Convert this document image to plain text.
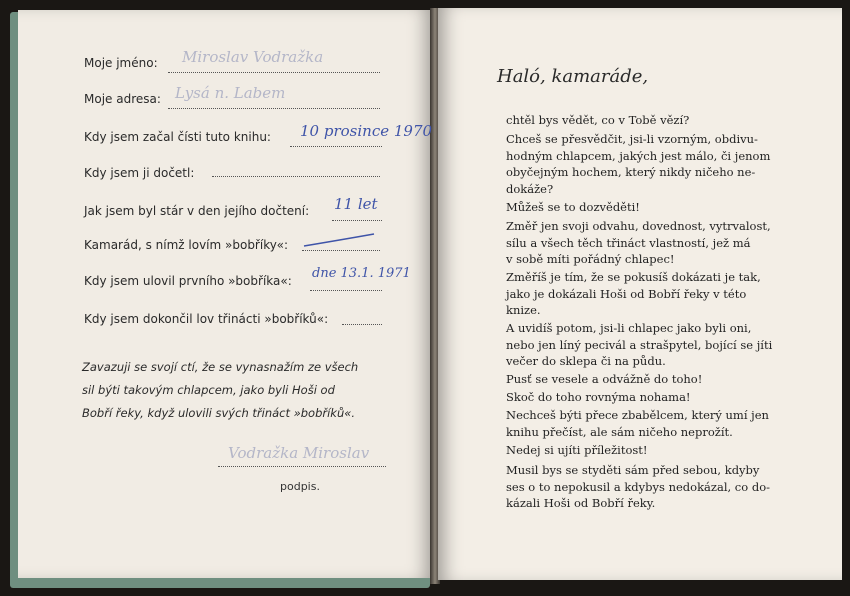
Moje jméno: Miroslav Vodražka
Moje adresa: Lysá n. Labem
Kdy jsem začal čísti tuto knihu: 10 prosince 1970
Kdy jsem ji dočetl:
Jak jsem byl stár v den jejího dočtení: 11 let
Kamarád, s nímž lovím »bobříky«:
Kdy jsem ulovil prvního »bobříka«: dne 13.1. 1971
Kdy jsem dokončil lov třinácti »bobříků«:
Zavazuji se svojí ctí, že se vynasnažím ze všech
sil býti takovým chlapcem, jako byli Hoši od
Bobří řeky, když ulovili svých třináct »bobříků«.
Vodražka Miroslav
podpis.
Haló, kamaráde,
chtěl bys vědět, co v Tobě vězí?
Chceš se přesvědčit, jsi-li vzorným, obdivu-
hodným chlapcem, jakých jest málo, či jenom
obyčejným hochem, který nikdy ničeho ne-
dokáže?
Můžeš se to dozvěděti!
Změř jen svoji odvahu, dovednost, vytrvalost,
sílu a všech těch třináct vlastností, jež má
v sobě míti pořádný chlapec!
Změříš je tím, že se pokusíš dokázati je tak,
jako je dokázali Hoši od Bobří řeky v této
knize.
A uvidíš potom, jsi-li chlapec jako byli oni,
nebo jen líný pecivál a strašpytel, bojící se jíti
večer do sklepa či na půdu.
Pusť se vesele a odvážně do toho!
Skoč do toho rovnýma nohama!
Nechceš býti přece zbabělcem, který umí jen
knihu přečíst, ale sám ničeho neprožít.
Nedej si ujíti příležitost!
Musil bys se styděti sám před sebou, kdyby
ses o to nepokusil a kdybys nedokázal, co do-
kázali Hoši od Bobří řeky.
